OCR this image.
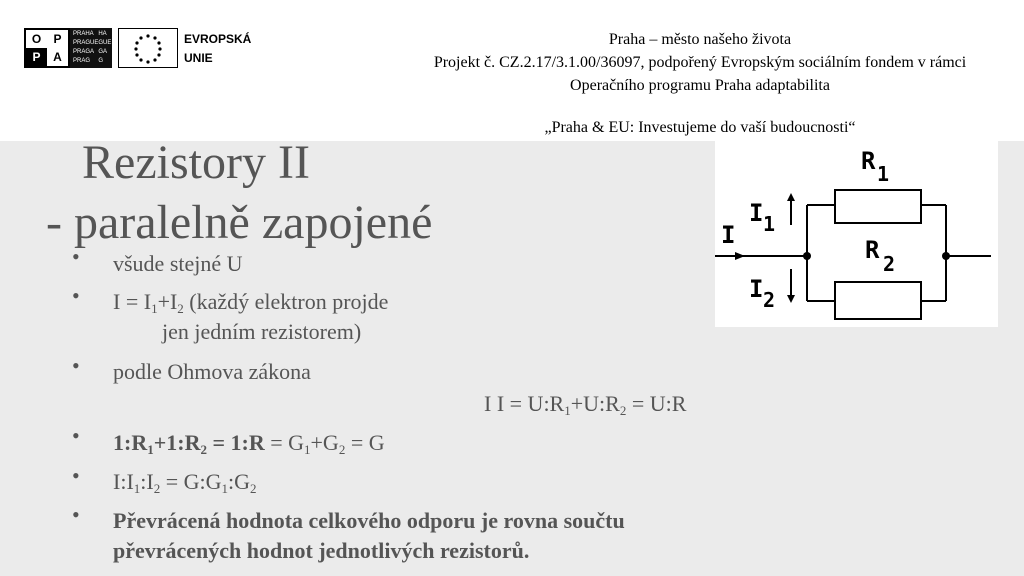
O	P
P	A
PRAHA HA
PRAGUE GUE
PRAGA GA
PRAG	G
EVROPSKÁ
UNIE
Praha – město našeho života
Projekt č. CZ.2.17/3.1.00/36097, podpořený Evropským sociálním fondem v rámci
Operačního programu Praha adaptabilita
„Praha & EU: Investujeme do vaší budoucnosti“
Rezistory II
- paralelně zapojené	I
I 1
I 2
R 1
R 2
• všude stejné U
• $I = I_1+I_2$ (každý elektron projde
jen jedním rezistorem)
• podle Ohmova zákona
I $I = U:R_1+U:R_2$ = U:R
• $1:R_1+1:R_2$ = 1:R = $G_1+G_2 = G$
• $I:I_1:I_2$ = $G:G_1:G_2$
• Převrácená hodnota celkového odporu je rovna součtu
převrácených hodnot jednotlivých rezistorů.
